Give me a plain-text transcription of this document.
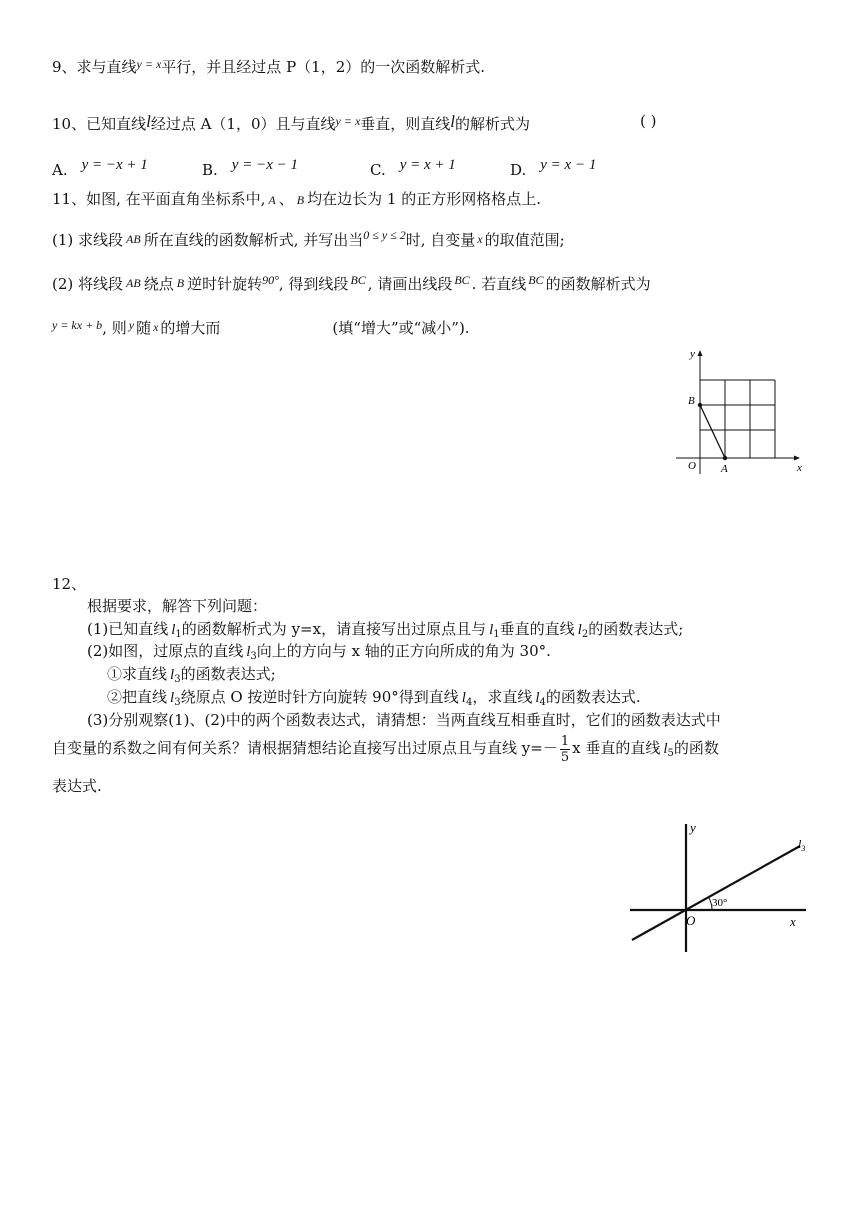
9、求与直线$^{y = x}$平行，并且经过点 P（1，2）的一次函数解析式.
10、已知直线l经过点 A（1，0）且与直线$^{y = x}$垂直，则直线l的解析式为	( )
A. y = −x + 1	B. y = −x − 1	C. y = x + 1	D. y = x − 1
11、如图, 在平面直角坐标系中, A 、 B 均在边长为 1 的正方形网格格点上.
(1) 求线段 AB 所在直线的函数解析式, 并写出当$^{0 \le y \le 2}$时, 自变量 x 的取值范围;
(2) 将线段 AB 绕点 B 逆时针旋转$^{90^\circ}$, 得到线段 $^{BC}$ , 请画出线段 $^{BC}$ . 若直线 $^{BC}$ 的函数解析式为
$^{y = kx + b}$, 则 $^y$ 随 x 的增大而	(填“增大”或“减小”).
y
x
O A
B
12、
根据要求，解答下列问题：
(1)已知直线 $l_1$的函数解析式为 y=x，请直接写出过原点且与 $l_1$垂直的直线 $l_2$的函数表达式;
(2)如图，过原点的直线 $l_3$向上的方向与 x 轴的正方向所成的角为 30°.
①求直线 $l_3$的函数表达式;
②把直线 $l_3$绕原点 O 按逆时针方向旋转 90°得到直线 $l_4$，求直线 $l_4$的函数表达式.
(3)分别观察(1)、(2)中的两个函数表达式，请猜想：当两直线互相垂直时，它们的函数表达式中
自变量的系数之间有何关系？请根据猜想结论直接写出过原点且与直线 $y=- \frac{1}{5}$ x 垂直的直线 $l_5$的函数
表达式.
30°
y
x
O
$l_3$
